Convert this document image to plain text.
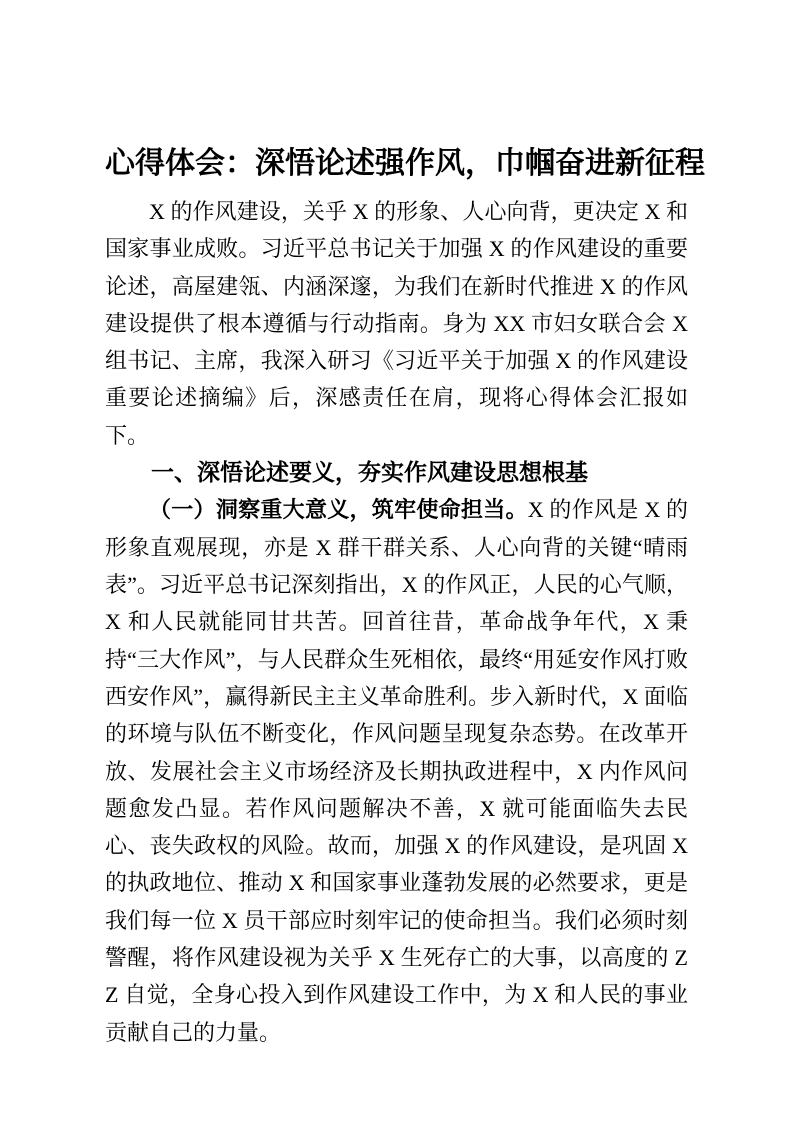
心得体会：深悟论述强作风，巾帼奋进新征程

X 的作风建设，关乎 X 的形象、人心向背，更决定 X 和国家事业成败。习近平总书记关于加强 X 的作风建设的重要论述，高屋建瓴、内涵深邃，为我们在新时代推进 X 的作风建设提供了根本遵循与行动指南。身为 XX 市妇女联合会 X 组书记、主席，我深入研习《习近平关于加强 X 的作风建设重要论述摘编》后，深感责任在肩，现将心得体会汇报如下。

一、深悟论述要义，夯实作风建设思想根基

（一）洞察重大意义，筑牢使命担当。X 的作风是 X 的形象直观展现，亦是 X 群干群关系、人心向背的关键“晴雨表”。习近平总书记深刻指出，X 的作风正，人民的心气顺，X 和人民就能同甘共苦。回首往昔，革命战争年代，X 秉持“三大作风”，与人民群众生死相依，最终“用延安作风打败西安作风”，赢得新民主主义革命胜利。步入新时代，X 面临的环境与队伍不断变化，作风问题呈现复杂态势。在改革开放、发展社会主义市场经济及长期执政进程中，X 内作风问题愈发凸显。若作风问题解决不善，X 就可能面临失去民心、丧失政权的风险。故而，加强 X 的作风建设，是巩固 X 的执政地位、推动 X 和国家事业蓬勃发展的必然要求，更是我们每一位 X 员干部应时刻牢记的使命担当。我们必须时刻警醒，将作风建设视为关乎 X 生死存亡的大事，以高度的 ZZ 自觉，全身心投入到作风建设工作中，为 X 和人民的事业贡献自己的力量。
